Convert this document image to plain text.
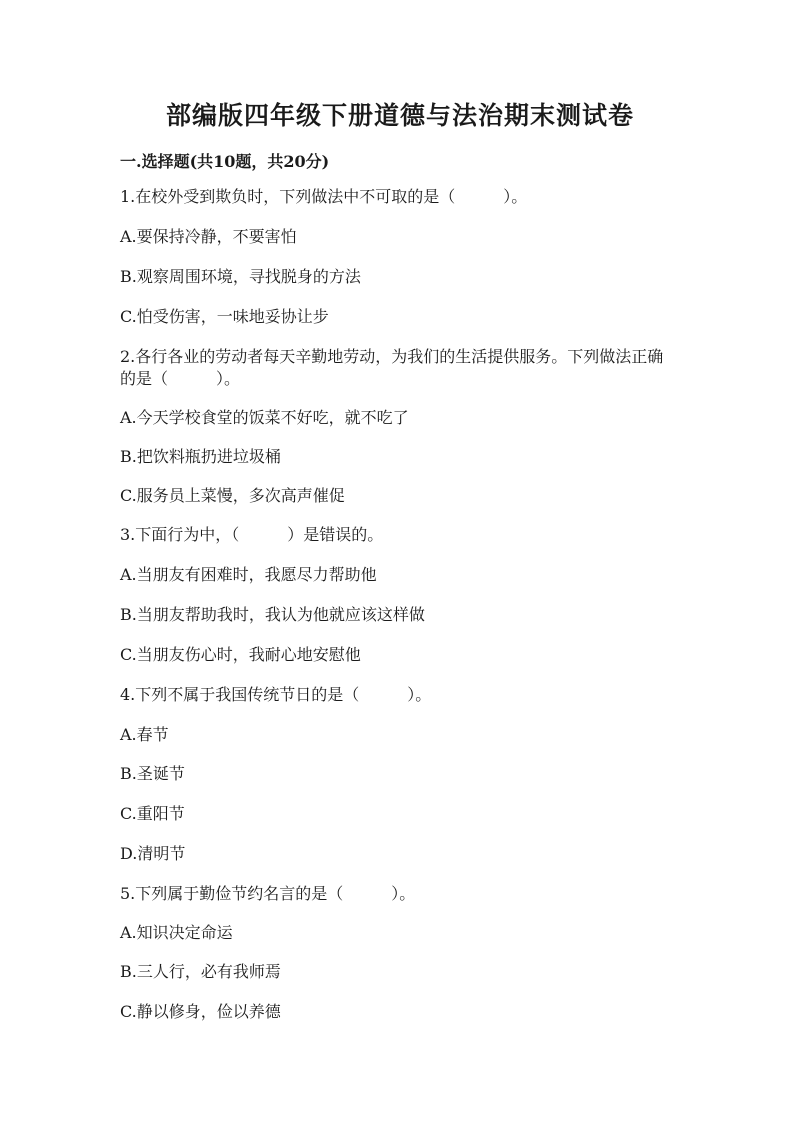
部编版四年级下册道德与法治期末测试卷
一.选择题(共10题，共20分)
1.在校外受到欺负时，下列做法中不可取的是（　　　）。
A.要保持冷静，不要害怕
B.观察周围环境，寻找脱身的方法
C.怕受伤害，一味地妥协让步
2.各行各业的劳动者每天辛勤地劳动，为我们的生活提供服务。下列做法正确
的是（　　　）。
A.今天学校食堂的饭菜不好吃，就不吃了
B.把饮料瓶扔进垃圾桶
C.服务员上菜慢，多次高声催促
3.下面行为中，（　　　）是错误的。
A.当朋友有困难时，我愿尽力帮助他
B.当朋友帮助我时，我认为他就应该这样做
C.当朋友伤心时，我耐心地安慰他
4.下列不属于我国传统节日的是（　　　）。
A.春节
B.圣诞节
C.重阳节
D.清明节
5.下列属于勤俭节约名言的是（　　　）。
A.知识决定命运
B.三人行，必有我师焉
C.静以修身，俭以养德
